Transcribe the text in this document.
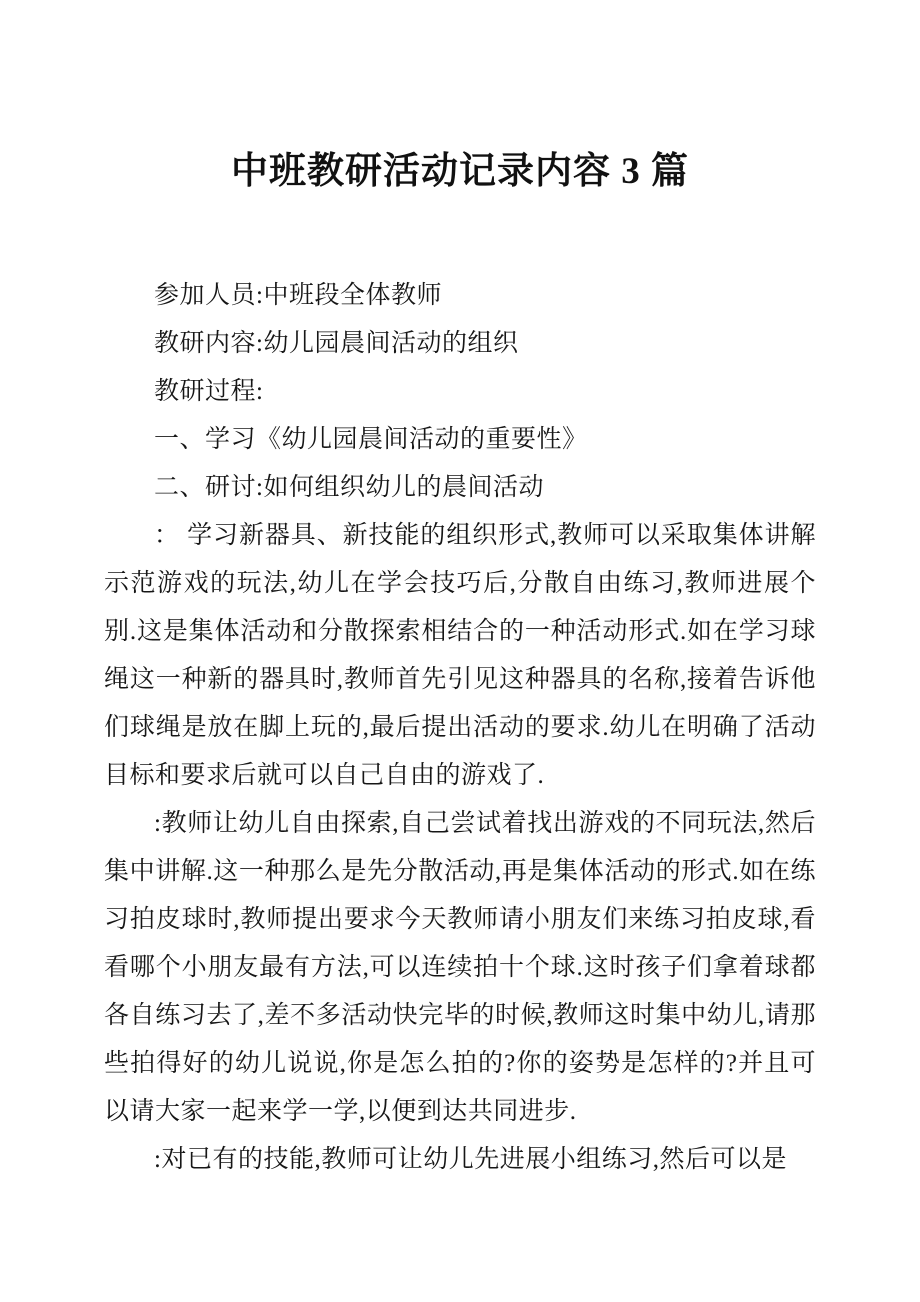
中班教研活动记录内容 3 篇

参加人员:中班段全体教师

教研内容:幼儿园晨间活动的组织

教研过程:

一、学习《幼儿园晨间活动的重要性》

二、研讨:如何组织幼儿的晨间活动

： 学习新器具、新技能的组织形式,教师可以采取集体讲解示范游戏的玩法,幼儿在学会技巧后,分散自由练习,教师进展个别.这是集体活动和分散探索相结合的一种活动形式.如在学习球绳这一种新的器具时,教师首先引见这种器具的名称,接着告诉他们球绳是放在脚上玩的,最后提出活动的要求.幼儿在明确了活动目标和要求后就可以自己自由的游戏了.

:教师让幼儿自由探索,自己尝试着找出游戏的不同玩法,然后集中讲解.这一种那么是先分散活动,再是集体活动的形式.如在练习拍皮球时,教师提出要求今天教师请小朋友们来练习拍皮球,看看哪个小朋友最有方法,可以连续拍十个球.这时孩子们拿着球都各自练习去了,差不多活动快完毕的时候,教师这时集中幼儿,请那些拍得好的幼儿说说,你是怎么拍的?你的姿势是怎样的?并且可以请大家一起来学一学,以便到达共同进步.

:对已有的技能,教师可让幼儿先进展小组练习,然后可以是
